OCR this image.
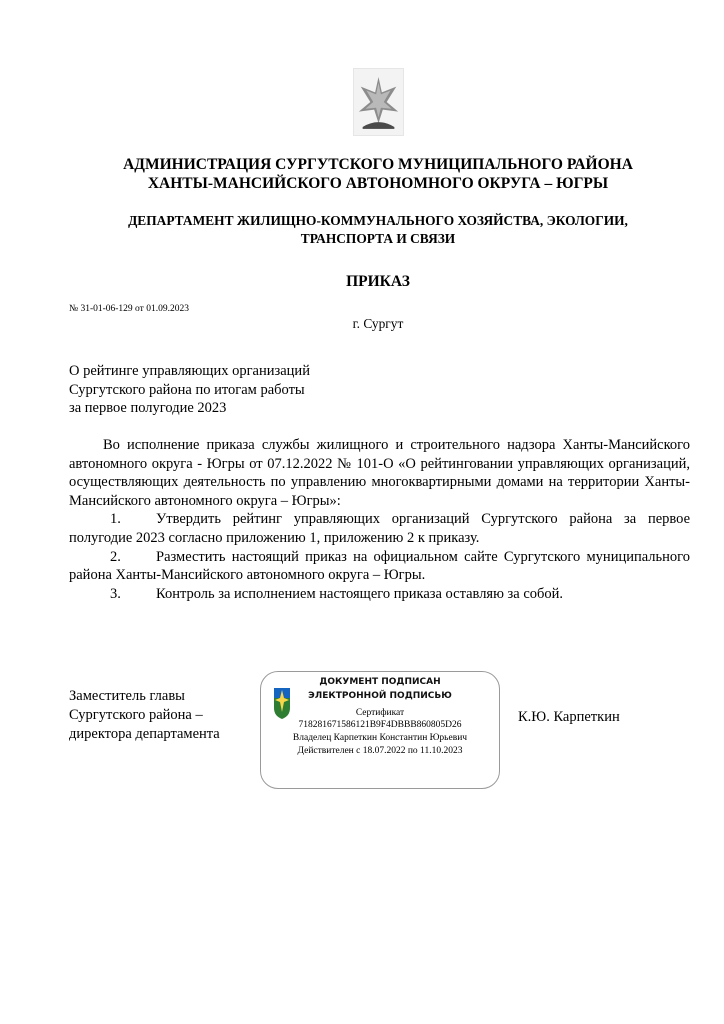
АДМИНИСТРАЦИЯ СУРГУТСКОГО МУНИЦИПАЛЬНОГО РАЙОНА
ХАНТЫ-МАНСИЙСКОГО АВТОНОМНОГО ОКРУГА – ЮГРЫ
ДЕПАРТАМЕНТ ЖИЛИЩНО-КОММУНАЛЬНОГО ХОЗЯЙСТВА, ЭКОЛОГИИ,
ТРАНСПОРТА И СВЯЗИ
ПРИКАЗ
№ 31-01-06-129 от 01.09.2023
г. Сургут
О рейтинге управляющих организаций
Сургутского района по итогам работы
за первое полугодие 2023

Во исполнение приказа службы жилищного и строительного надзора Ханты-Мансийского автономного округа - Югры от 07.12.2022 № 101-О «О рейтинговании управляющих организаций, осуществляющих деятельность по управлению многоквартирными домами на территории Ханты-Мансийского автономного округа – Югры»:

1. Утвердить рейтинг управляющих организаций Сургутского района за первое полугодие 2023 согласно приложению 1, приложению 2 к приказу.

2. Разместить настоящий приказ на официальном сайте Сургутского муниципального района Ханты-Мансийского автономного округа – Югры.

3. Контроль за исполнением настоящего приказа оставляю за собой.

Заместитель главы
Сургутского района –
директора департамента
ДОКУМЕНТ ПОДПИСАН
ЭЛЕКТРОННОЙ ПОДПИСЬЮ
Сертификат
718281671586121B9F4DBBB860805D26
Владелец Карпеткин Константин Юрьевич
Действителен с 18.07.2022 по 11.10.2023
К.Ю. Карпеткин
